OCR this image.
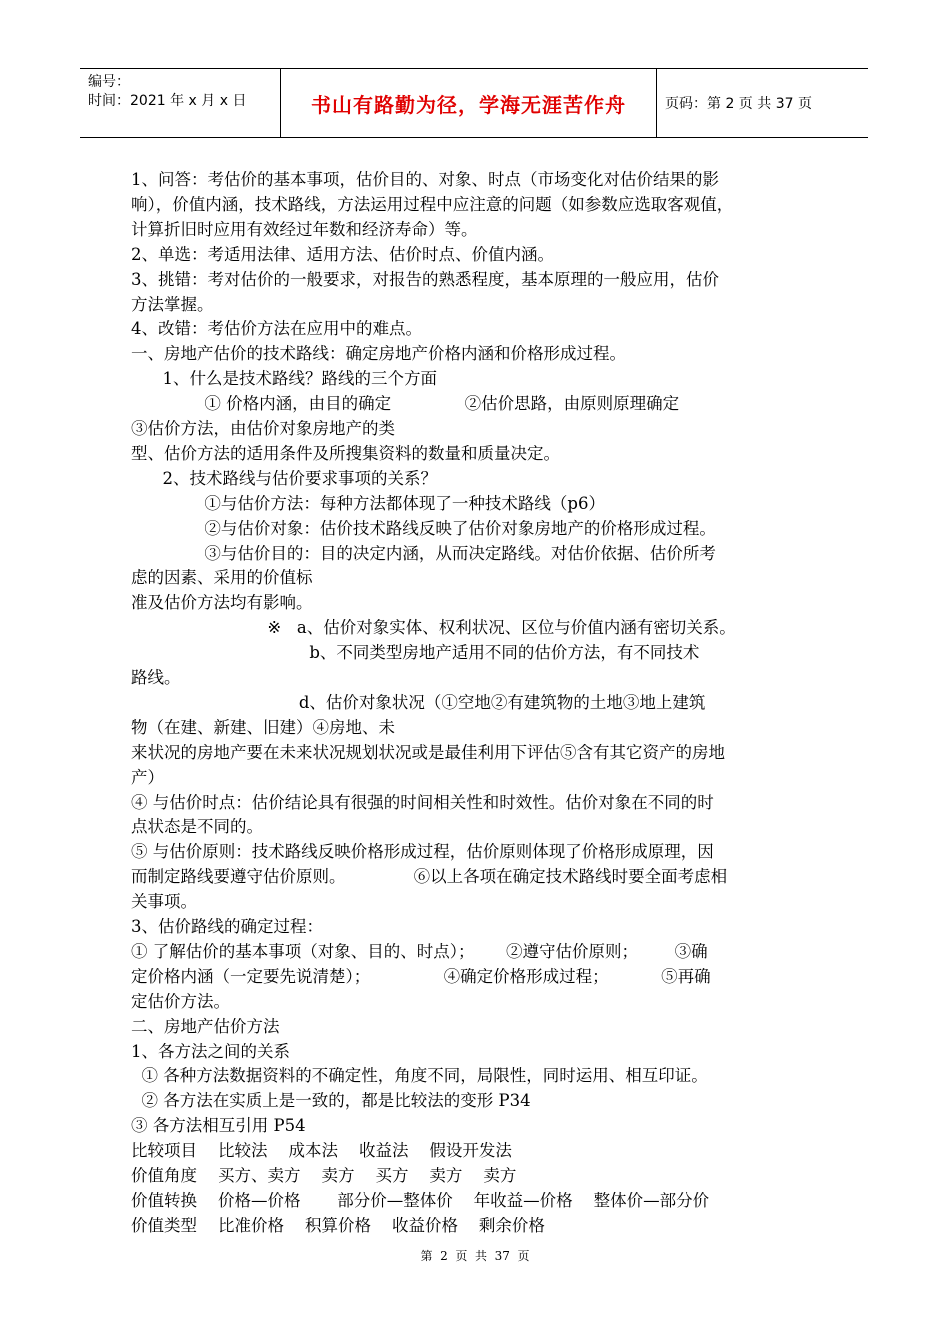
编号：
时间：2021 年 x 月 x 日	书山有路勤为径，学海无涯苦作舟	页码：第 2 页 共 37 页
1、问答：考估价的基本事项，估价目的、对象、时点（市场变化对估价结果的影
响），价值内涵，技术路线，方法运用过程中应注意的问题（如参数应选取客观值，
计算折旧时应用有效经过年数和经济寿命）等。
2、单选：考适用法律、适用方法、估价时点、价值内涵。
3、挑错：考对估价的一般要求，对报告的熟悉程度，基本原理的一般应用，估价
方法掌握。
4、改错：考估价方法在应用中的难点。
一、房地产估价的技术路线：确定房地产价格内涵和价格形成过程。
1、什么是技术路线？路线的三个方面
① 价格内涵，由目的确定              ②估价思路，由原则原理确定
③估价方法，由估价对象房地产的类
型、估价方法的适用条件及所搜集资料的数量和质量决定。
2、技术路线与估价要求事项的关系？
①与估价方法：每种方法都体现了一种技术路线（p6）
②与估价对象：估价技术路线反映了估价对象房地产的价格形成过程。
③与估价目的：目的决定内涵，从而决定路线。对估价依据、估价所考
虑的因素、采用的价值标
准及估价方法均有影响。
※   a、估价对象实体、权利状况、区位与价值内涵有密切关系。
b、不同类型房地产适用不同的估价方法，有不同技术
路线。
d、估价对象状况（①空地②有建筑物的土地③地上建筑
物（在建、新建、旧建）④房地、未
来状况的房地产要在未来状况规划状况或是最佳利用下评估⑤含有其它资产的房地
产）
④ 与估价时点：估价结论具有很强的时间相关性和时效性。估价对象在不同的时
点状态是不同的。
⑤ 与估价原则：技术路线反映价格形成过程，估价原则体现了价格形成原理，因
而制定路线要遵守估价原则。             ⑥以上各项在确定技术路线时要全面考虑相
关事项。
3、估价路线的确定过程：
① 了解估价的基本事项（对象、目的、时点）；      ②遵守估价原则；       ③确
定价格内涵（一定要先说清楚）；              ④确定价格形成过程；          ⑤再确
定估价方法。
二、房地产估价方法
1、各方法之间的关系
① 各种方法数据资料的不确定性，角度不同，局限性，同时运用、相互印证。
② 各方法在实质上是一致的，都是比较法的变形 P34
③ 各方法相互引用 P54
比较项目    比较法    成本法    收益法    假设开发法
价值角度    买方、卖方    卖方    买方    卖方    卖方
价值转换    价格—价格       部分价—整体价    年收益—价格    整体价—部分价
价值类型    比准价格    积算价格    收益价格    剩余价格
第  2  页  共  37  页
